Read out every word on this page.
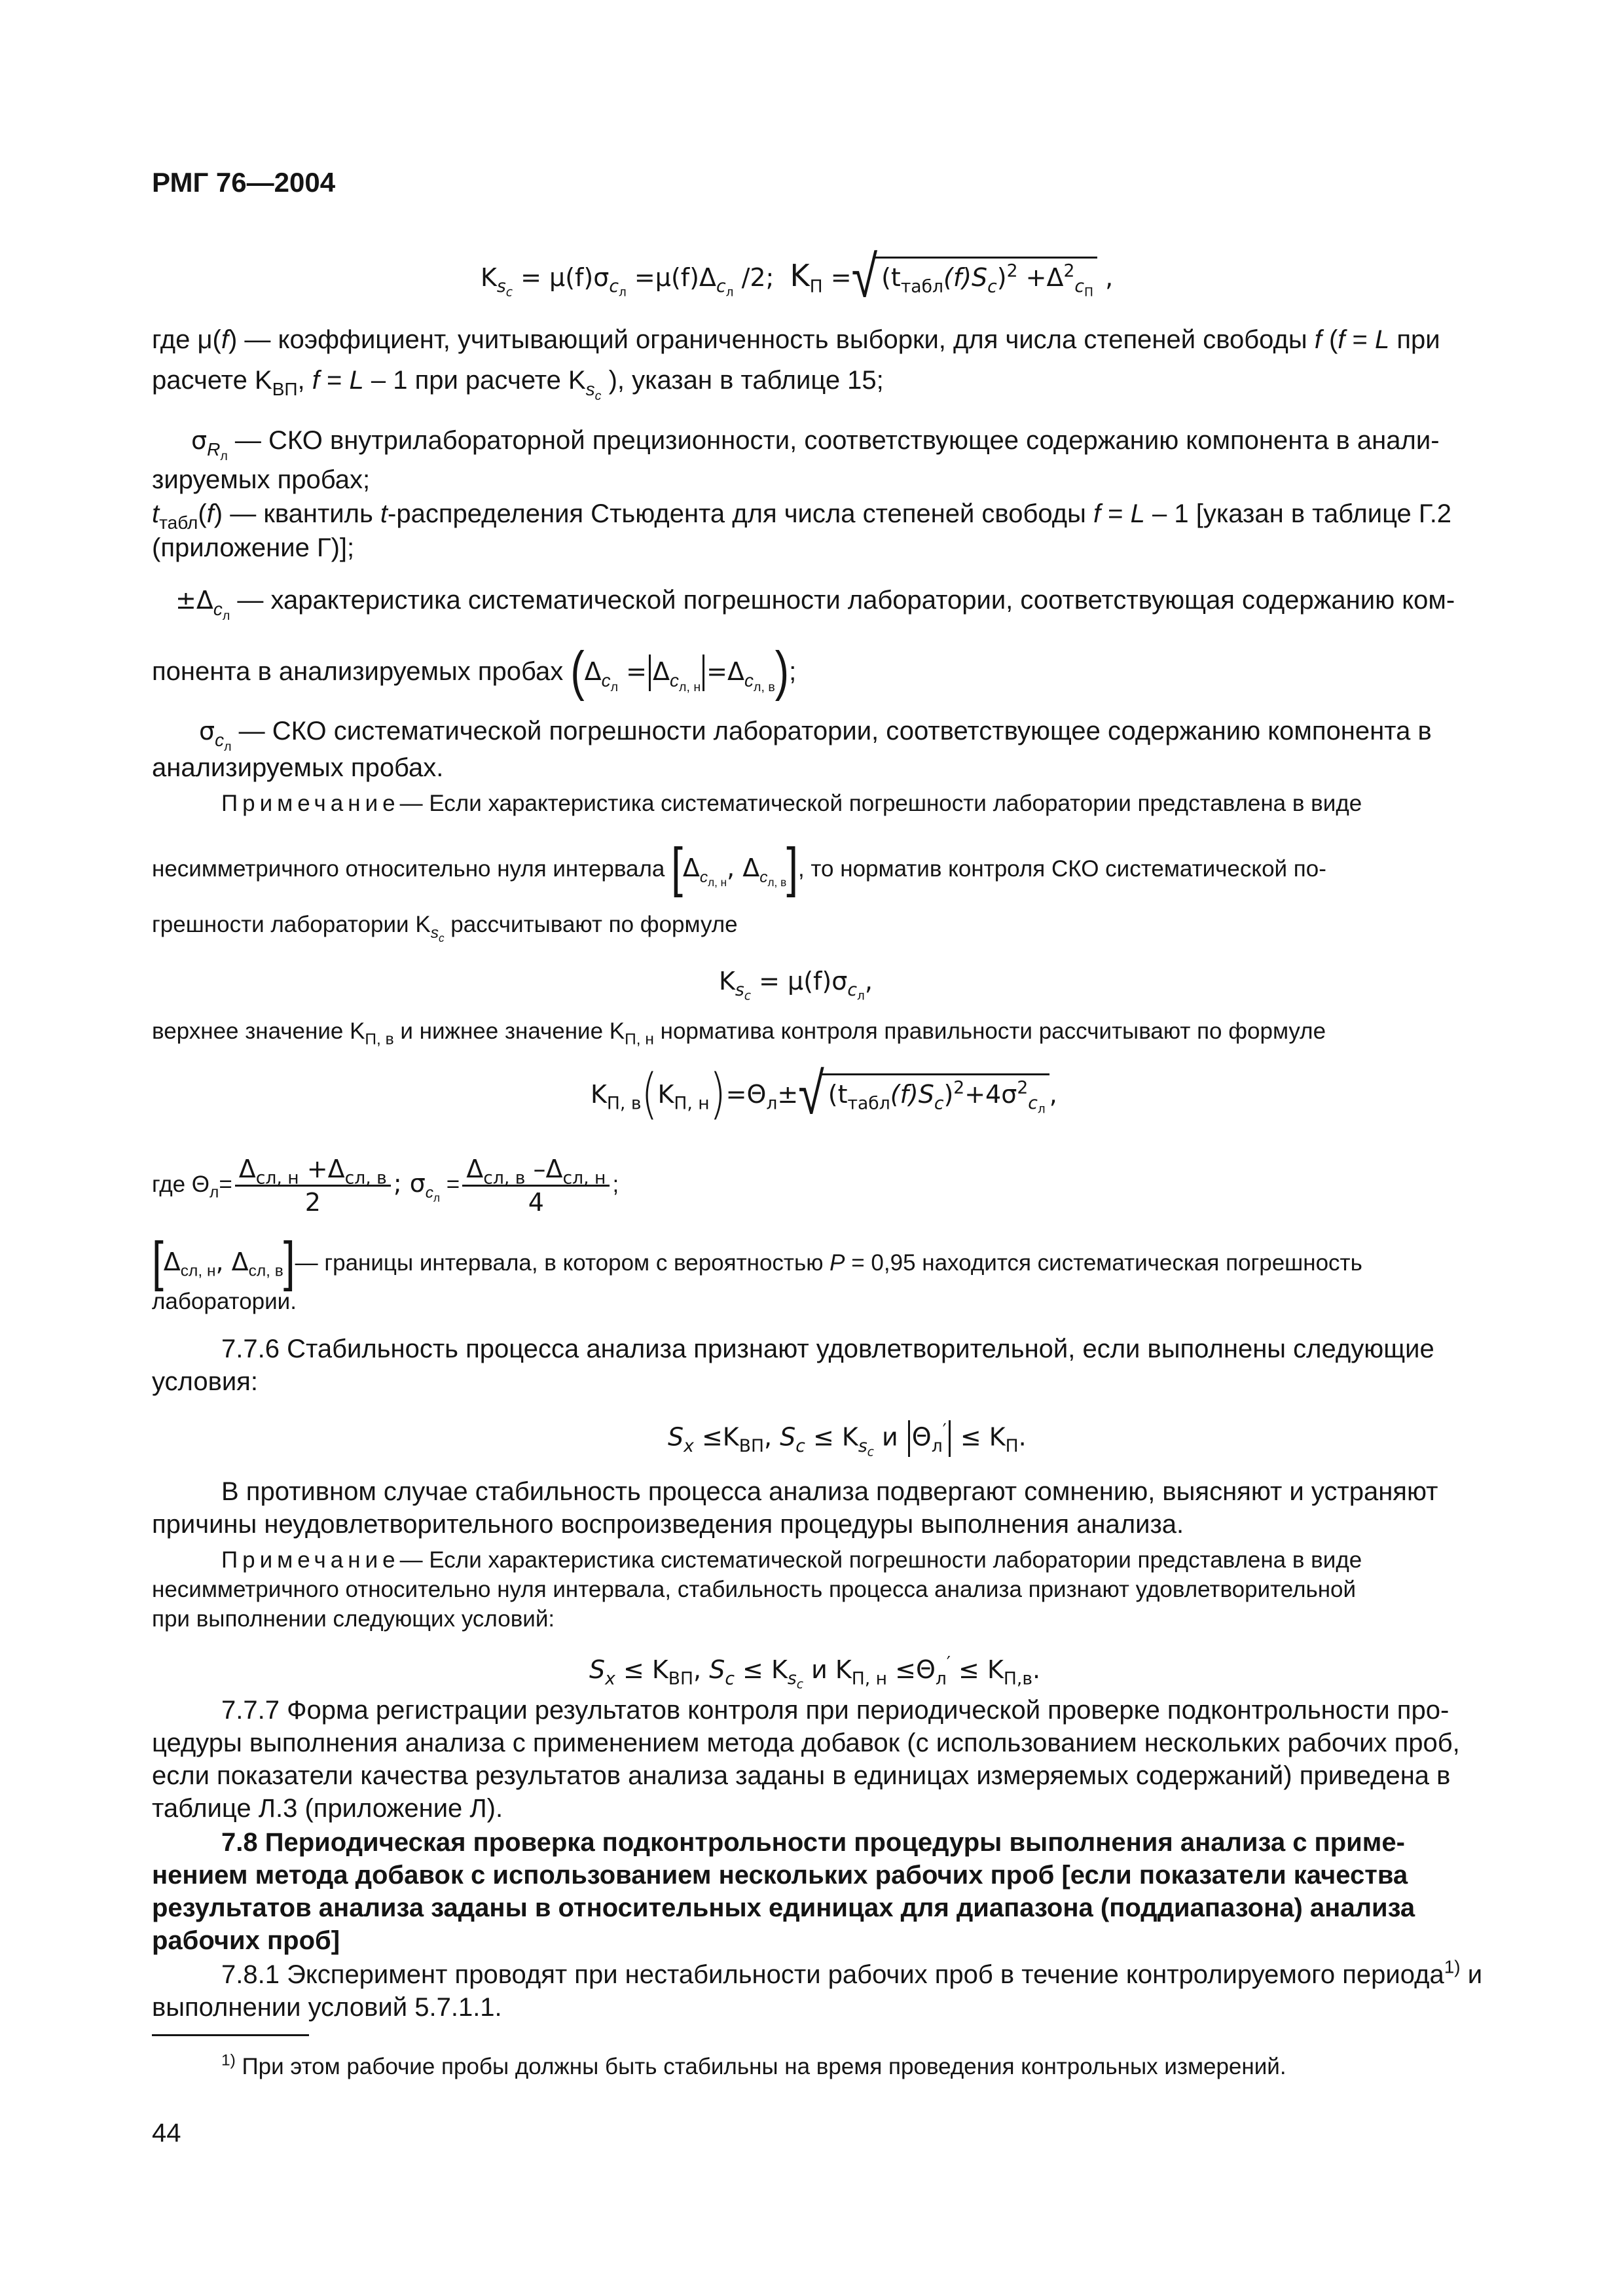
РМГ 76—2004
$K_{s_c} = \mu(f)\sigma_{c_л} =\mu(f)\Delta_{c_л}$ /2; $K_П$ =√ $(t_{табл}(f)S_c)^2 +\Delta^2_{c_П}$ ,
где μ(f) — коэффициент, учитывающий ограниченность выборки, для числа степеней свободы f (f = L при
расчете $K_{ВП}$, f = L – 1 при расчете $K_{s_c}$ ), указан в таблице 15;
$\sigma_{R_л}$ — СКО внутрилабораторной прецизионности, соответствующее содержанию компонента в анали-
зируемых пробах;
$t_{табл}(f)$ — квантиль t-распределения Стьюдента для числа степеней свободы f = L – 1 [указан в таблице Г.2
(приложение Г)];
$\pm\Delta_{c_л}$ — характеристика систематической погрешности лаборатории, соответствующая содержанию ком-
понента в анализируемых пробах $(\Delta_{c_л} = \Delta_{c_{л, н}}=\Delta_{c_{л, в}})$;
$\sigma_{c_л}$ — СКО систематической погрешности лаборатории, соответствующее содержанию компонента в
анализируемых пробах.
Примечание— Если характеристика систематической погрешности лаборатории представлена в виде
несимметричного относительно нуля интервала [$\Delta_{c_{л, н}}$, $\Delta_{c_{л, в}}$], то норматив контроля СКО систематической по-
грешности лаборатории $K_{s_c}$ рассчитывают по формуле
$K_{s_c} = \mu(f)\sigma_{c_л}$,
верхнее значение $K_{П, в}$ и нижнее значение $K_{П, н}$ норматива контроля правильности рассчитывают по формуле
$K_{П, в}(K_{П, н})=\Theta_л\pm√$ $(t_{табл}(f)S_c)^2+4\sigma^2_{c_л}$,
где $\Theta_л= \frac{\Delta_{cл, н} +\Delta_{cл, в}}{2}$ ; $\sigma_{c_л} = \frac{\Delta_{cл, в} -\Delta_{cл, н}}{4}$ ;
[$\Delta_{cл, н}$, $\Delta_{cл, в}]—$ границы интервала, в котором с вероятностью P = 0,95 находится систематическая погрешность
лаборатории.
7.7.6 Стабильность процесса анализа признают удовлетворительной, если выполнены следующие
условия:
$S_x \le K_{ВП}$, $S_c \le K_{s_c}$ и $\Theta_л' \le K_П$.
В противном случае стабильность процесса анализа подвергают сомнению, выясняют и устраняют
причины неудовлетворительного воспроизведения процедуры выполнения анализа.
Примечание— Если характеристика систематической погрешности лаборатории представлена в виде
несимметричного относительно нуля интервала, стабильность процесса анализа признают удовлетворительной
при выполнении следующих условий:
$S_x \le K_{ВП}$, $S_c \le K_{s_c}$ и $K_{П, н} \le\Theta_л' \le K_{П,в}$.
7.7.7 Форма регистрации результатов контроля при периодической проверке подконтрольности про-
цедуры выполнения анализа с применением метода добавок (с использованием нескольких рабочих проб,
если показатели качества результатов анализа заданы в единицах измеряемых содержаний) приведена в
таблице Л.3 (приложение Л).
7.8 Периодическая проверка подконтрольности процедуры выполнения анализа с приме-
нением метода добавок с использованием нескольких рабочих проб [если показатели качества
результатов анализа заданы в относительных единицах для диапазона (поддиапазона) анализа
рабочих проб]
7.8.1 Эксперимент проводят при нестабильности рабочих проб в течение контролируемого периода$^{1)}$ и
выполнении условий 5.7.1.1.
$^{1)}$ При этом рабочие пробы должны быть стабильны на время проведения контрольных измерений.
44
